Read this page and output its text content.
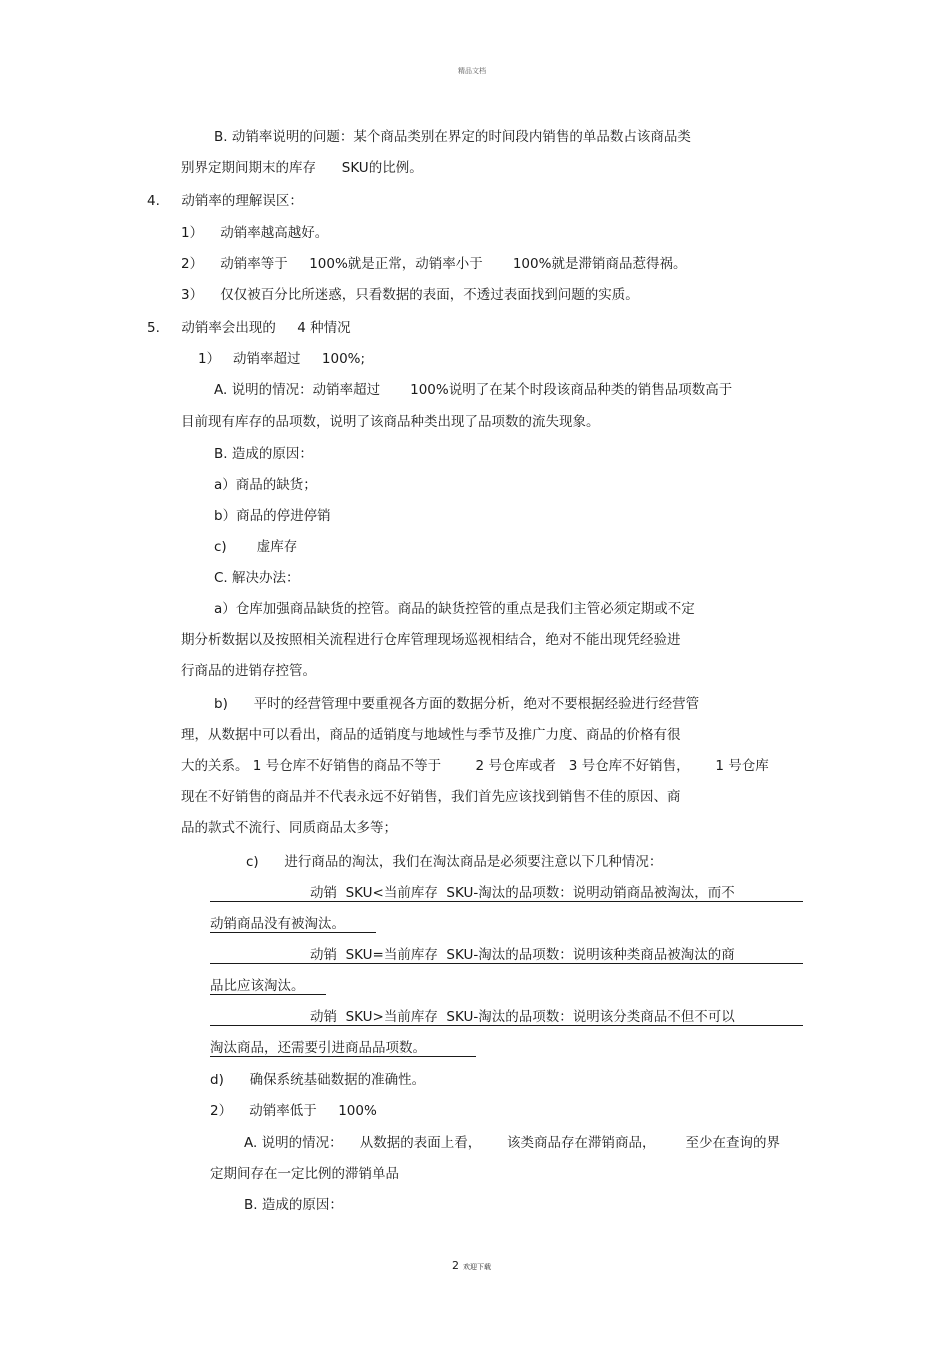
精品文档
B. 动销率说明的问题：某个商品类别在界定的时间段内销售的单品数占该商品类
别界定期间期末的库存      SKU的比例。
4.     动销率的理解误区：
1）    动销率越高越好。
2）    动销率等于     100%就是正常，动销率小于       100%就是滞销商品惹得祸。
3）    仅仅被百分比所迷惑，只看数据的表面，不透过表面找到问题的实质。
5.     动销率会出现的     4 种情况
1）   动销率超过     100%;
A. 说明的情况：动销率超过       100%说明了在某个时段该商品种类的销售品项数高于
目前现有库存的品项数，说明了该商品种类出现了品项数的流失现象。
B. 造成的原因：
a）商品的缺货；
b）商品的停进停销
c)       虚库存
C. 解决办法：
a）仓库加强商品缺货的控管。商品的缺货控管的重点是我们主管必须定期或不定
期分析数据以及按照相关流程进行仓库管理现场巡视相结合，绝对不能出现凭经验进
行商品的进销存控管。
b)      平时的经营管理中要重视各方面的数据分析，绝对不要根据经验进行经营管
理，从数据中可以看出，商品的适销度与地域性与季节及推广力度、商品的价格有很
大的关系。 1 号仓库不好销售的商品不等于        2 号仓库或者   3 号仓库不好销售，      1 号仓库
现在不好销售的商品并不代表永远不好销售，我们首先应该找到销售不佳的原因、商
品的款式不流行、同质商品太多等；
c)      进行商品的淘汰，我们在淘汰商品是必须要注意以下几种情况：
动销  SKU<当前库存  SKU-淘汰的品项数：说明动销商品被淘汰，而不
动销商品没有被淘汰。
动销  SKU=当前库存  SKU-淘汰的品项数：说明该种类商品被淘汰的商
品比应该淘汰。
动销  SKU>当前库存  SKU-淘汰的品项数：说明该分类商品不但不可以
淘汰商品，还需要引进商品品项数。
d)      确保系统基础数据的准确性。
2）    动销率低于     100%
A. 说明的情况：    从数据的表面上看，      该类商品存在滞销商品，       至少在查询的界
定期间存在一定比例的滞销单品
B. 造成的原因：
2 欢迎下载
